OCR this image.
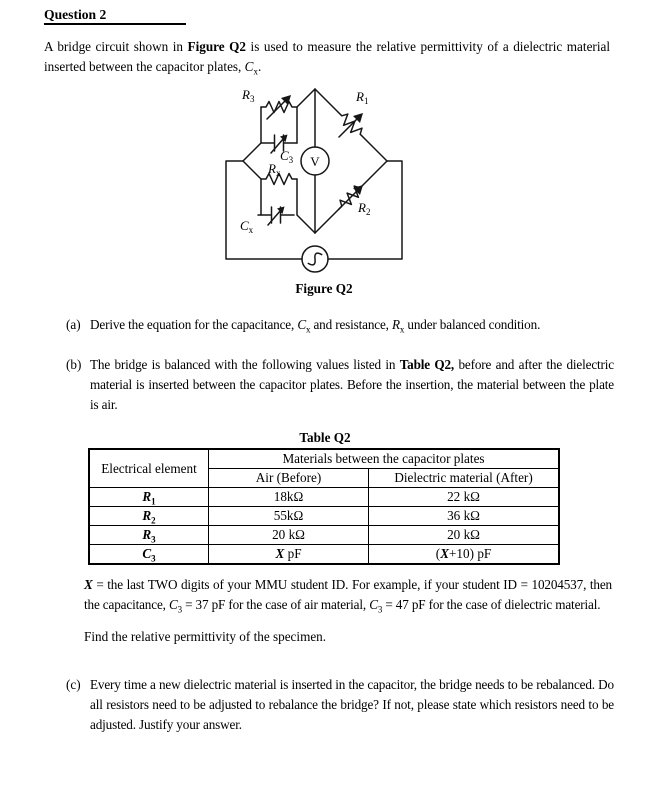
Question 2

A bridge circuit shown in Figure Q2 is used to measure the relative permittivity of a dielectric material inserted between the capacitor plates, $C_x$.

V
$R_3$
$C_3$
$R_x$
$C_x$
$R_1$
$R_2$
Figure Q2
(a) Derive the equation for the capacitance, $C_x$ and resistance, $R_x$ under balanced condition.
(b) The bridge is balanced with the following values listed in Table Q2, before and after the dielectric material is inserted between the capacitor plates. Before the insertion, the material between the plate is air.
Table Q2
Electrical element	Materials between the capacitor plates	
	Air (Before)	Dielectric material (After)
$R_1$	18kΩ	22 kΩ
$R_2$	55kΩ	36 kΩ
$R_3$	20 kΩ	20 kΩ
$C_3$	X pF	(X+10) pF

X = the last TWO digits of your MMU student ID. For example, if your student ID = 10204537, then the capacitance, $C_3 = 37$ pF for the case of air material, $C_3 = 47$ pF for the case of dielectric material.

Find the relative permittivity of the specimen.

(c) Every time a new dielectric material is inserted in the capacitor, the bridge needs to be rebalanced. Do all resistors need to be adjusted to rebalance the bridge? If not, please state which resistors need to be adjusted. Justify your answer.
